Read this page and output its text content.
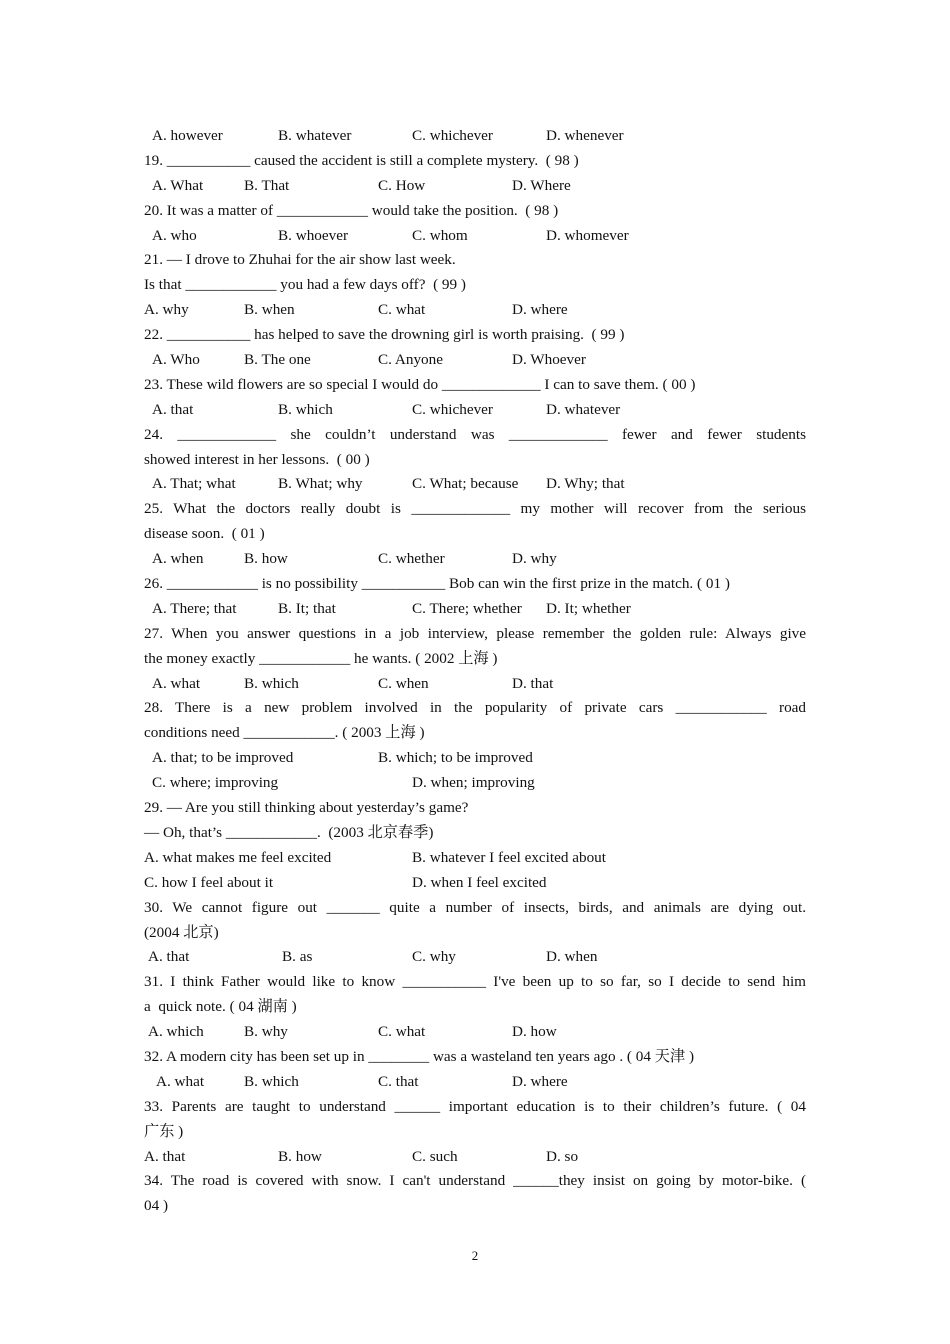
A. however

	B. whatever

	C. whichever

	D. whenever

19. ___________ caused the accident is still a complete mystery.  ( 98 )

A. What

	B. That

	C. How

	D. Where

20. It was a matter of ____________ would take the position.  ( 98 )

A. who

	B. whoever

	C. whom

	D. whomever

21. — I drove to Zhuhai for the air show last week.
Is that ____________ you had a few days off?  ( 99 )

A. why

	B. when

	C. what

	D. where

22. ___________ has helped to save the drowning girl is worth praising.  ( 99 )

A. Who

	B. The one

	C. Anyone

	D. Whoever

23. These wild flowers are so special I would do _____________ I can to save them. ( 00 )

A. that

	B. which

	C. whichever

	D. whatever

24. _____________ she couldn’t understand was _____________ fewer and fewer students
showed interest in her lessons.  ( 00 )

A. That; what

	B. What; why

	C. What; because

D. Why; that

25. What the doctors really doubt is _____________ my mother will recover from the serious
disease soon.  ( 01 )

A. when

	B. how

	C. whether

	D. why

26. ____________ is no possibility ___________ Bob can win the first prize in the match. ( 01 )

A. There; that

	B. It; that

	C. There; whether

D. It; whether

27. When you answer questions in a job interview, please remember the golden rule: Always give
the money exactly ____________ he wants. ( 2002 上海 )

A. what

	B. which

	C. when

	D. that

28. There is a new problem involved in the popularity of private cars ____________ road
conditions need ____________. ( 2003 上海 )

A. that; to be improved

	B. which; to be improved

C. where; improving

	D. when; improving

29. — Are you still thinking about yesterday’s game?
— Oh, that’s ____________.  (2003 北京春季)

A. what makes me feel excited

	B. whatever I feel excited about

C. how I feel about it

	D. when I feel excited

30. We cannot figure out _______ quite a number of insects, birds, and animals are dying out.
(2004 北京)

A. that

	B. as

	C. why

	D. when

31. I think Father would like to know ___________ I've been up to so far, so I decide to send him
a  quick note. ( 04 湖南 )

A. which

	B. why

	C. what

	D. how

32. A modern city has been set up in ________ was a wasteland ten years ago . ( 04 天津 )

A. what

	B. which

	C. that

	D. where

33. Parents are taught to understand ______ important education is to their children’s future. ( 04
广东 )

A. that

	B. how

	C. such

	D. so

34. The road is covered with snow. I can't understand ______they insist on going by motor-bike. (
04 )
2
